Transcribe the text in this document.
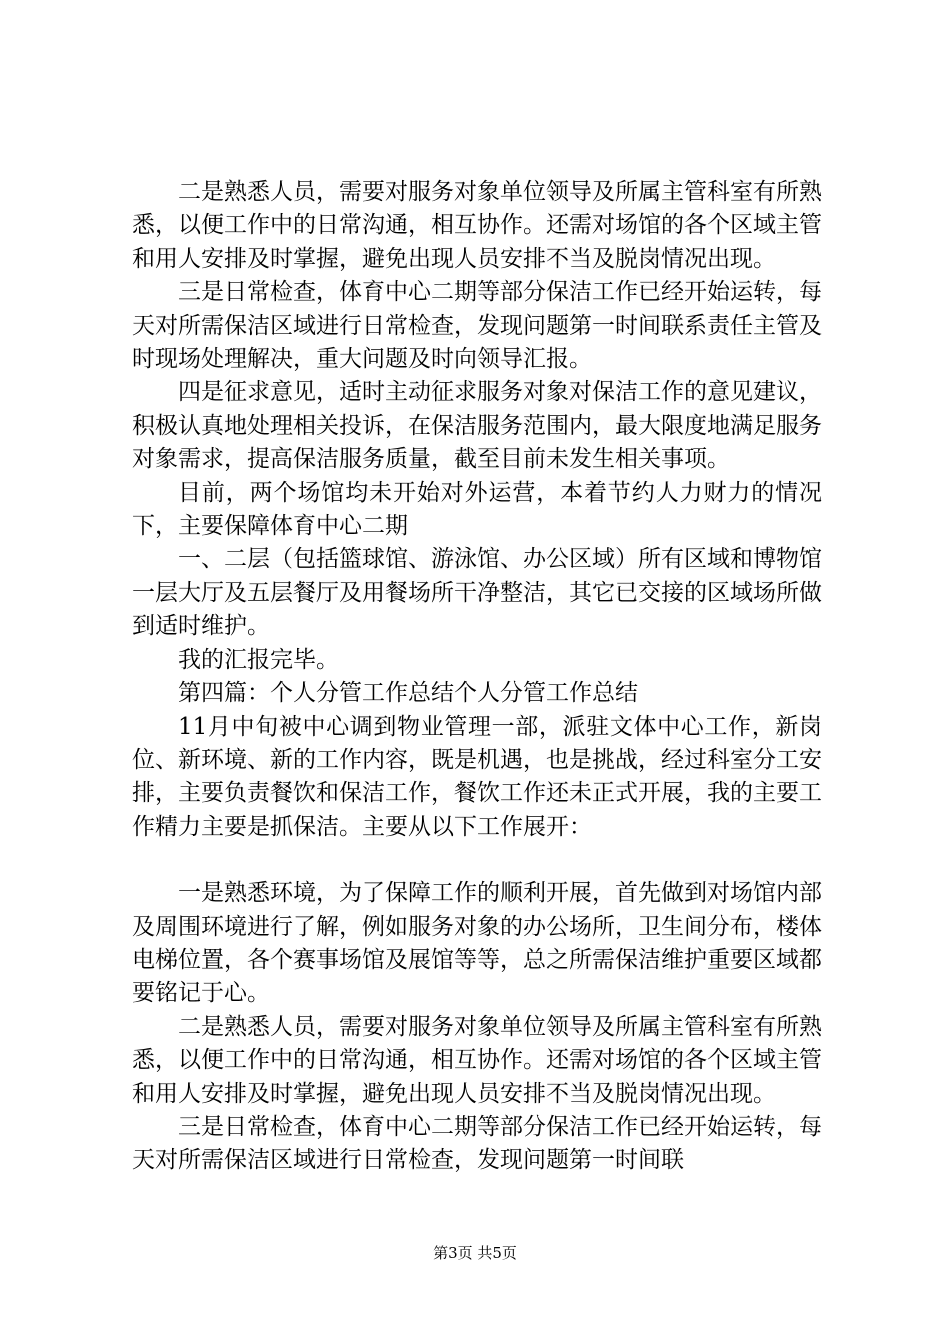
二是熟悉人员，需要对服务对象单位领导及所属主管科室有所熟悉，以便工作中的日常沟通，相互协作。还需对场馆的各个区域主管和用人安排及时掌握，避免出现人员安排不当及脱岗情况出现。

三是日常检查，体育中心二期等部分保洁工作已经开始运转，每天对所需保洁区域进行日常检查，发现问题第一时间联系责任主管及时现场处理解决，重大问题及时向领导汇报。

四是征求意见，适时主动征求服务对象对保洁工作的意见建议，积极认真地处理相关投诉，在保洁服务范围内，最大限度地满足服务对象需求，提高保洁服务质量，截至目前未发生相关事项。

目前，两个场馆均未开始对外运营，本着节约人力财力的情况下，主要保障体育中心二期

一、二层（包括篮球馆、游泳馆、办公区域）所有区域和博物馆一层大厅及五层餐厅及用餐场所干净整洁，其它已交接的区域场所做到适时维护。

我的汇报完毕。

第四篇：个人分管工作总结个人分管工作总结

11月中旬被中心调到物业管理一部，派驻文体中心工作，新岗位、新环境、新的工作内容，既是机遇，也是挑战，经过科室分工安排，主要负责餐饮和保洁工作，餐饮工作还未正式开展，我的主要工作精力主要是抓保洁。主要从以下工作展开：

一是熟悉环境，为了保障工作的顺利开展，首先做到对场馆内部及周围环境进行了解，例如服务对象的办公场所，卫生间分布，楼体电梯位置，各个赛事场馆及展馆等等，总之所需保洁维护重要区域都要铭记于心。

二是熟悉人员，需要对服务对象单位领导及所属主管科室有所熟悉，以便工作中的日常沟通，相互协作。还需对场馆的各个区域主管和用人安排及时掌握，避免出现人员安排不当及脱岗情况出现。

三是日常检查，体育中心二期等部分保洁工作已经开始运转，每天对所需保洁区域进行日常检查，发现问题第一时间联

第3页 共5页
